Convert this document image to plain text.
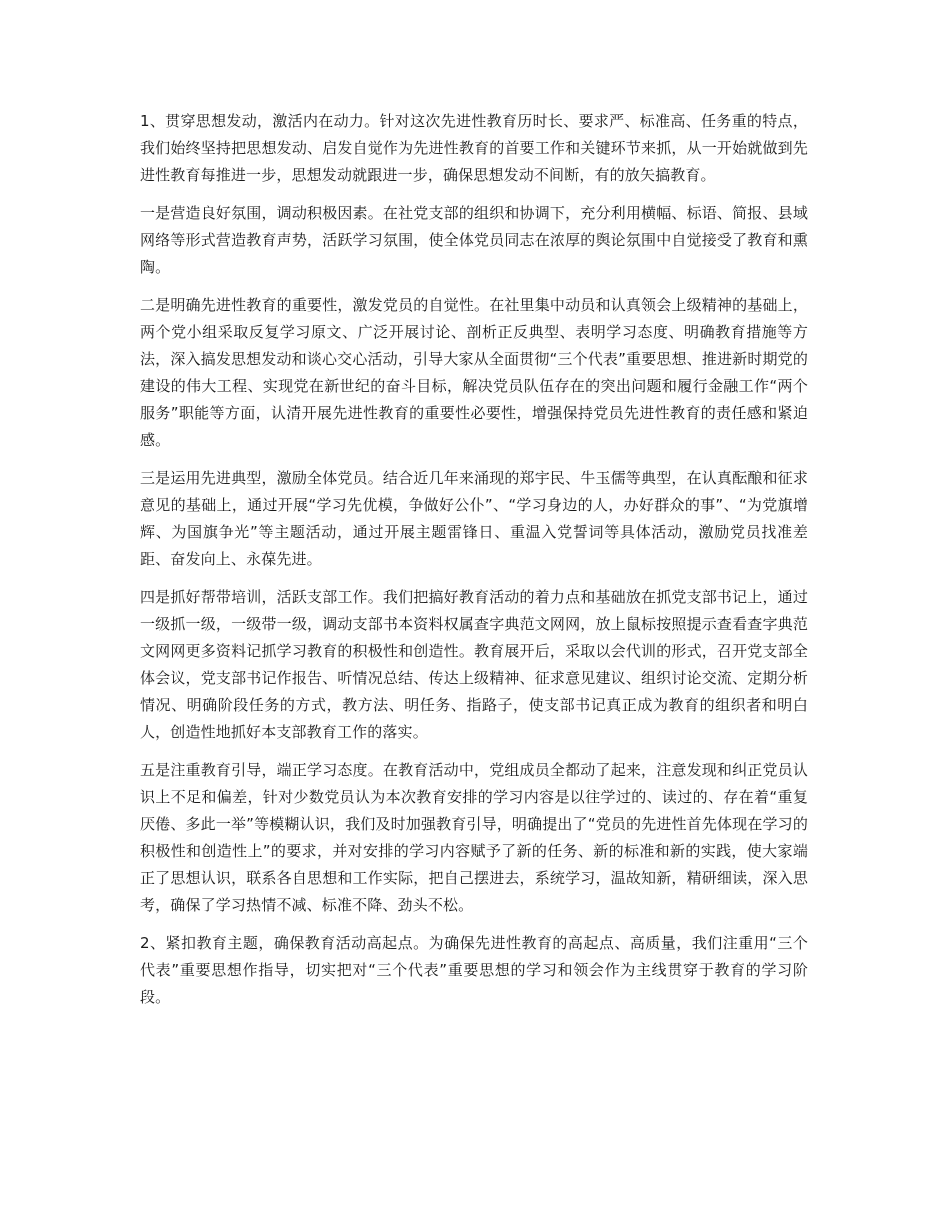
1、贯穿思想发动，激活内在动力。针对这次先进性教育历时长、要求严、标准高、任务重的特点，我们始终坚持把思想发动、启发自觉作为先进性教育的首要工作和关键环节来抓，从一开始就做到先进性教育每推进一步，思想发动就跟进一步，确保思想发动不间断，有的放矢搞教育。

一是营造良好氛围，调动积极因素。在社党支部的组织和协调下，充分利用横幅、标语、简报、县域网络等形式营造教育声势，活跃学习氛围，使全体党员同志在浓厚的舆论氛围中自觉接受了教育和熏陶。

二是明确先进性教育的重要性，激发党员的自觉性。在社里集中动员和认真领会上级精神的基础上，两个党小组采取反复学习原文、广泛开展讨论、剖析正反典型、表明学习态度、明确教育措施等方法，深入搞发思想发动和谈心交心活动，引导大家从全面贯彻“三个代表”重要思想、推进新时期党的建设的伟大工程、实现党在新世纪的奋斗目标，解决党员队伍存在的突出问题和履行金融工作“两个服务”职能等方面，认清开展先进性教育的重要性必要性，增强保持党员先进性教育的责任感和紧迫感。

三是运用先进典型，激励全体党员。结合近几年来涌现的郑宇民、牛玉儒等典型，在认真酝酿和征求意见的基础上，通过开展“学习先优模，争做好公仆”、“学习身边的人，办好群众的事”、“为党旗增辉、为国旗争光”等主题活动，通过开展主题雷锋日、重温入党誓词等具体活动，激励党员找准差距、奋发向上、永葆先进。

四是抓好帮带培训，活跃支部工作。我们把搞好教育活动的着力点和基础放在抓党支部书记上，通过一级抓一级，一级带一级，调动支部书本资料权属查字典范文网网，放上鼠标按照提示查看查字典范文网网更多资料记抓学习教育的积极性和创造性。教育展开后，采取以会代训的形式，召开党支部全体会议，党支部书记作报告、听情况总结、传达上级精神、征求意见建议、组织讨论交流、定期分析情况、明确阶段任务的方式，教方法、明任务、指路子，使支部书记真正成为教育的组织者和明白人，创造性地抓好本支部教育工作的落实。

五是注重教育引导，端正学习态度。在教育活动中，党组成员全都动了起来，注意发现和纠正党员认识上不足和偏差，针对少数党员认为本次教育安排的学习内容是以往学过的、读过的、存在着“重复厌倦、多此一举”等模糊认识，我们及时加强教育引导，明确提出了“党员的先进性首先体现在学习的积极性和创造性上”的要求，并对安排的学习内容赋予了新的任务、新的标准和新的实践，使大家端正了思想认识，联系各自思想和工作实际，把自己摆进去，系统学习，温故知新，精研细读，深入思考，确保了学习热情不减、标准不降、劲头不松。

2、紧扣教育主题，确保教育活动高起点。为确保先进性教育的高起点、高质量，我们注重用“三个代表”重要思想作指导，切实把对“三个代表”重要思想的学习和领会作为主线贯穿于教育的学习阶段。
